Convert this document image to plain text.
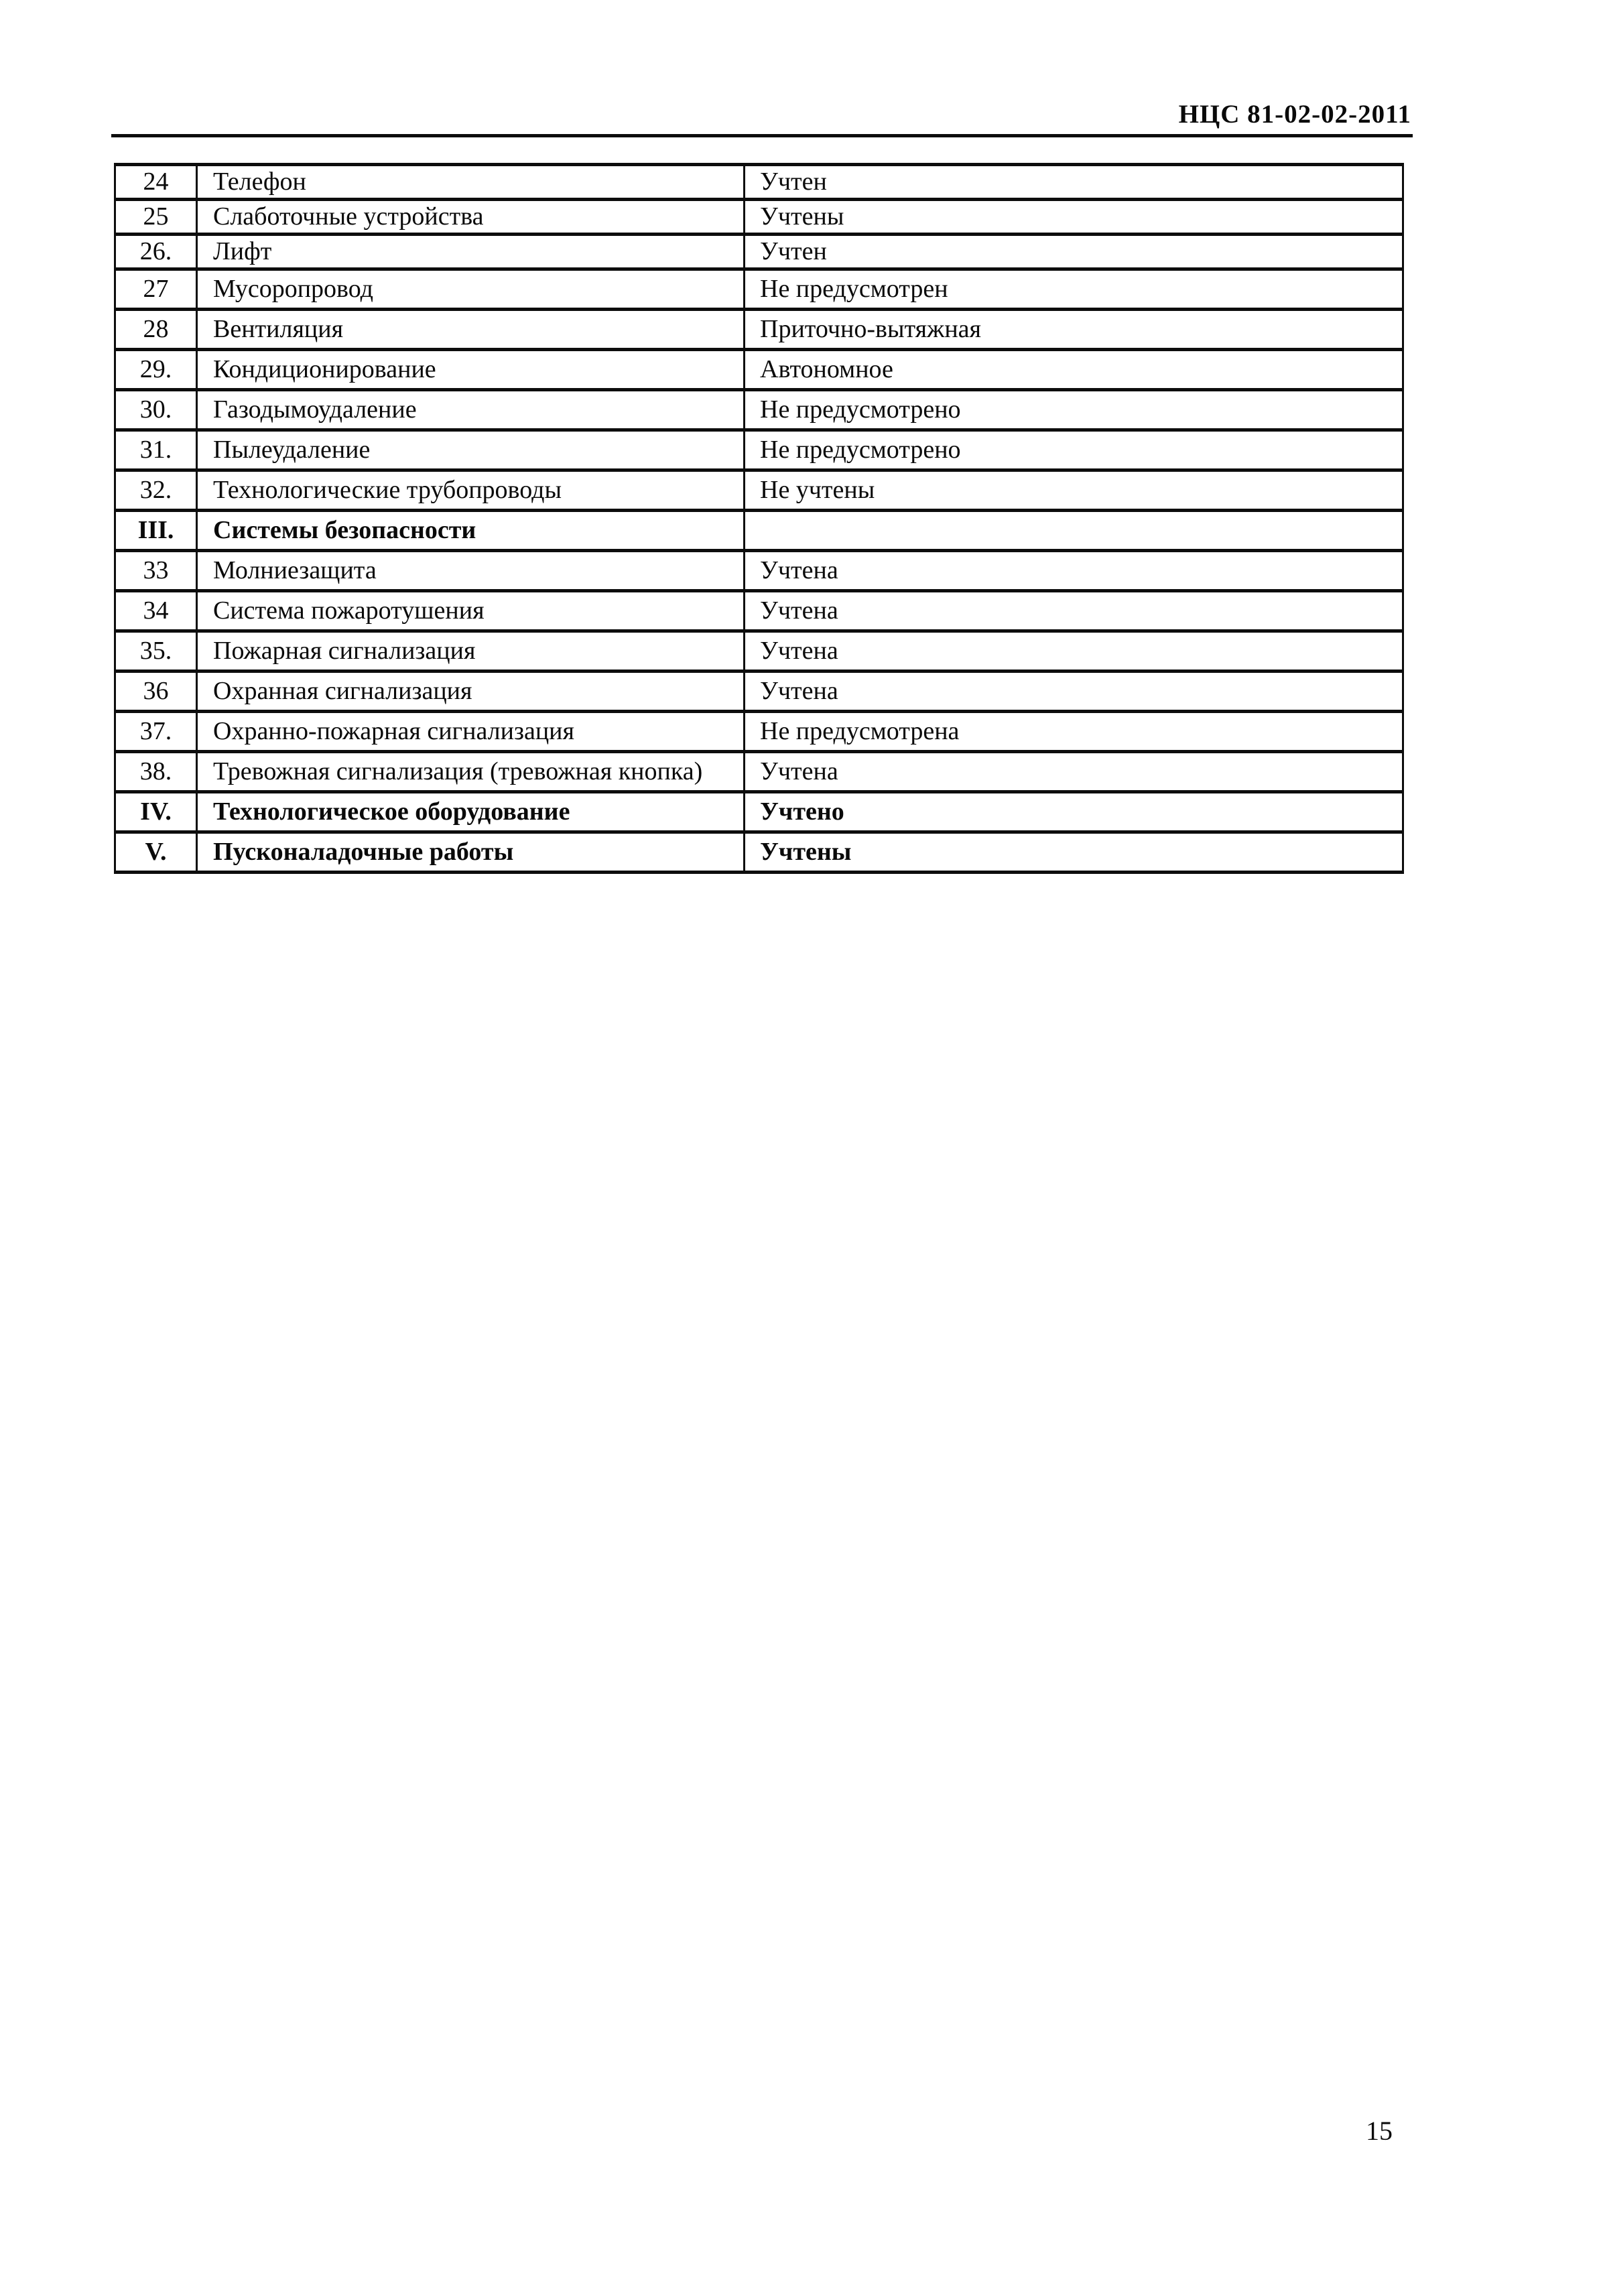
НЦС 81-02-02-2011
24	Телефон	Учтен
25	Слаботочные устройства	Учтены
26.	Лифт	Учтен
27	Мусоропровод	Не предусмотрен
28	Вентиляция	Приточно-вытяжная
29.	Кондиционирование	Автономное
30.	Газодымоудаление	Не предусмотрено
31.	Пылеудаление	Не предусмотрено
32.	Технологические трубопроводы	Не учтены
III.	Системы безопасности	
33	Молниезащита	Учтена
34	Система пожаротушения	Учтена
35.	Пожарная сигнализация	Учтена
36	Охранная сигнализация	Учтена
37.	Охранно-пожарная сигнализация	Не предусмотрена
38.	Тревожная сигнализация (тревожная кнопка)	Учтена
IV.	Технологическое оборудование	Учтено
V.	Пусконаладочные работы	Учтены
15
